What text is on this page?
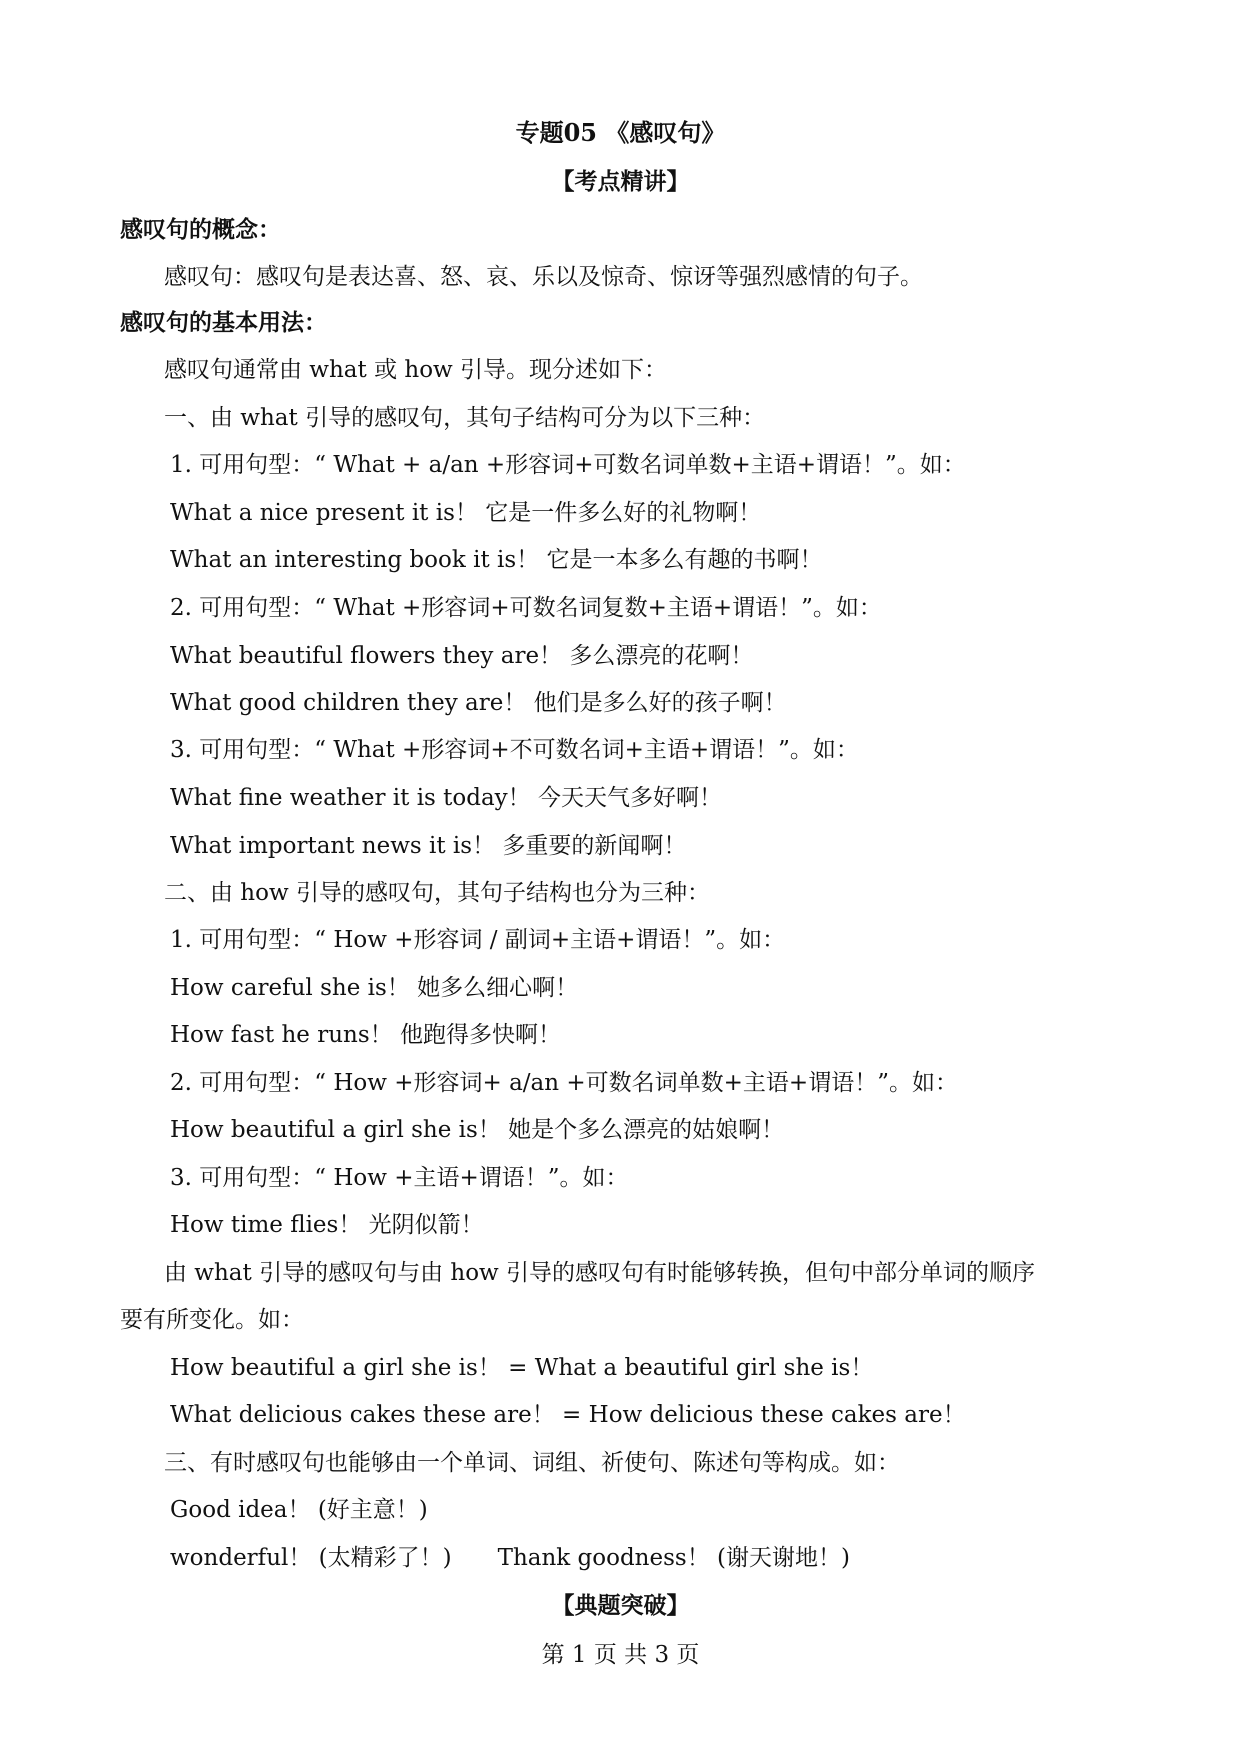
专题05 《感叹句》
【考点精讲】
感叹句的概念：
感叹句：感叹句是表达喜、怒、哀、乐以及惊奇、惊讶等强烈感情的句子。
感叹句的基本用法：
感叹句通常由 what 或 how 引导。现分述如下：
一、由 what 引导的感叹句，其句子结构可分为以下三种：
1. 可用句型：“ What + a/an +形容词+可数名词单数+主语+谓语！”。如：
What a nice present it is！ 它是一件多么好的礼物啊！
What an interesting book it is！ 它是一本多么有趣的书啊！
2. 可用句型：“ What +形容词+可数名词复数+主语+谓语！”。如：
What beautiful flowers they are！ 多么漂亮的花啊！
What good children they are！ 他们是多么好的孩子啊！
3. 可用句型：“ What +形容词+不可数名词+主语+谓语！”。如：
What fine weather it is today！ 今天天气多好啊！
What important news it is！ 多重要的新闻啊！
二、由 how 引导的感叹句，其句子结构也分为三种：
1. 可用句型：“ How +形容词 / 副词+主语+谓语！”。如：
How careful she is！ 她多么细心啊！
How fast he runs！ 他跑得多快啊！
2. 可用句型：“ How +形容词+ a/an +可数名词单数+主语+谓语！”。如：
How beautiful a girl she is！ 她是个多么漂亮的姑娘啊！
3. 可用句型：“ How +主语+谓语！”。如：
How time flies！ 光阴似箭！
由 what 引导的感叹句与由 how 引导的感叹句有时能够转换，但句中部分单词的顺序
要有所变化。如：
How beautiful a girl she is！ = What a beautiful girl she is！
What delicious cakes these are！ = How delicious these cakes are！
三、有时感叹句也能够由一个单词、词组、祈使句、陈述句等构成。如：
Good idea！ (好主意！)
wonderful！ (太精彩了！)　　Thank goodness！ (谢天谢地！)
【典题突破】
第 1 页 共 3 页
